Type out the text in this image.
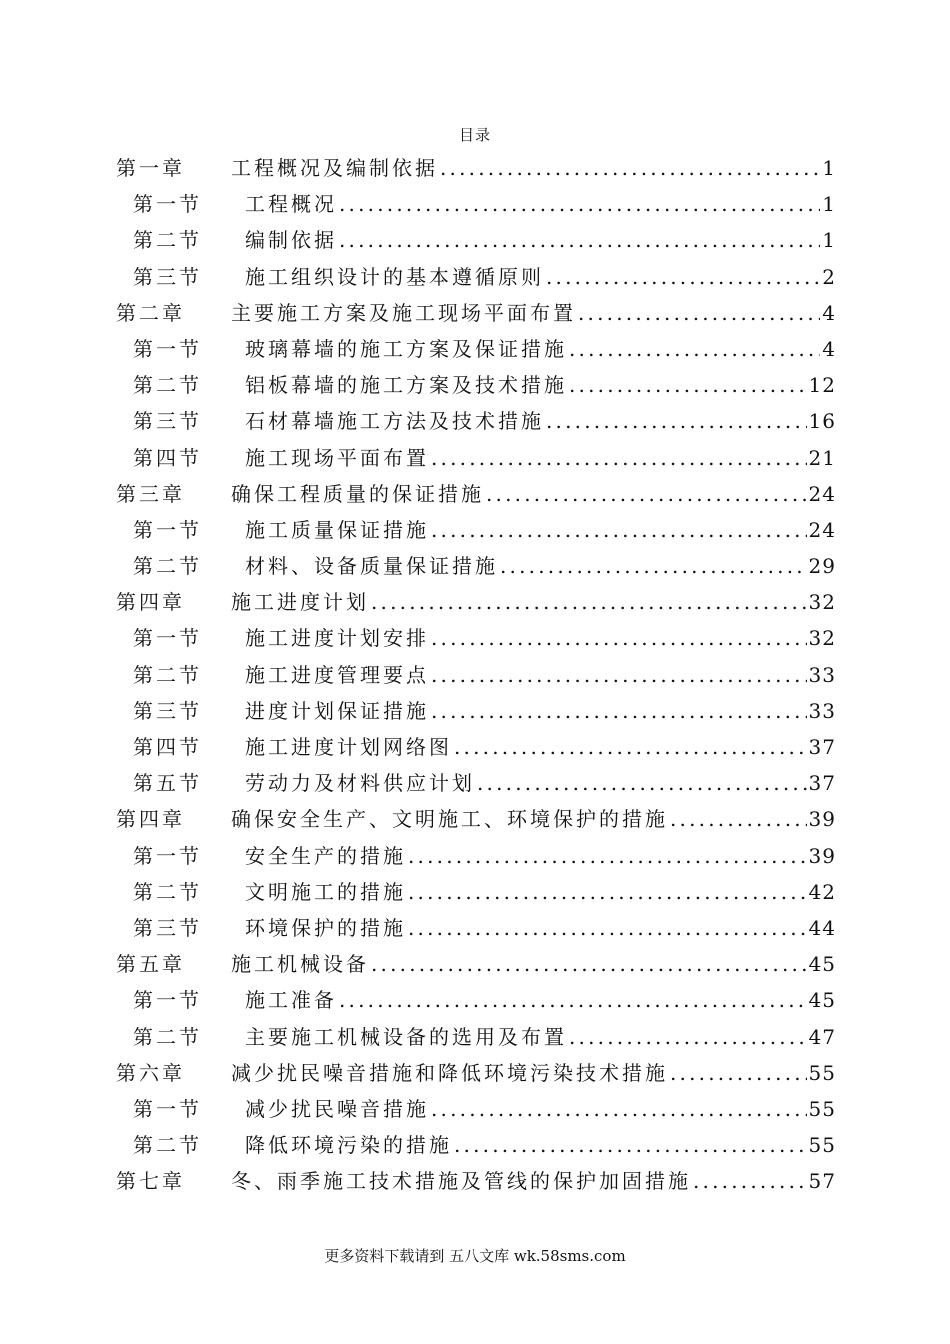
目录
第一章	工程概况及编制依据 .....	1
第一节	工程概况 .....	1
第二节	编制依据 .....	1
第三节	施工组织设计的基本遵循原则 .....	2
第二章	主要施工方案及施工现场平面布置 .....	4
第一节	玻璃幕墙的施工方案及保证措施 .....	4
第二节	铝板幕墙的施工方案及技术措施 .....	12
第三节	石材幕墙施工方法及技术措施 .....	16
第四节	施工现场平面布置 .....	21
第三章	确保工程质量的保证措施 .....	24
第一节	施工质量保证措施 .....	24
第二节	材料、设备质量保证措施 .....	29
第四章	施工进度计划 .....	32
第一节	施工进度计划安排 .....	32
第二节	施工进度管理要点 .....	33
第三节	进度计划保证措施 .....	33
第四节	施工进度计划网络图 .....	37
第五节	劳动力及材料供应计划 .....	37
第四章	确保安全生产、文明施工、环境保护的措施 .....	39
第一节	安全生产的措施 .....	39
第二节	文明施工的措施 .....	42
第三节	环境保护的措施 .....	44
第五章	施工机械设备 .....	45
第一节	施工准备 .....	45
第二节	主要施工机械设备的选用及布置 .....	47
第六章	减少扰民噪音措施和降低环境污染技术措施 .....	55
第一节	减少扰民噪音措施 .....	55
第二节	降低环境污染的措施 .....	55
第七章	冬、雨季施工技术措施及管线的保护加固措施 .....	57
更多资料下载请到 五八文库 wk.58sms.com
